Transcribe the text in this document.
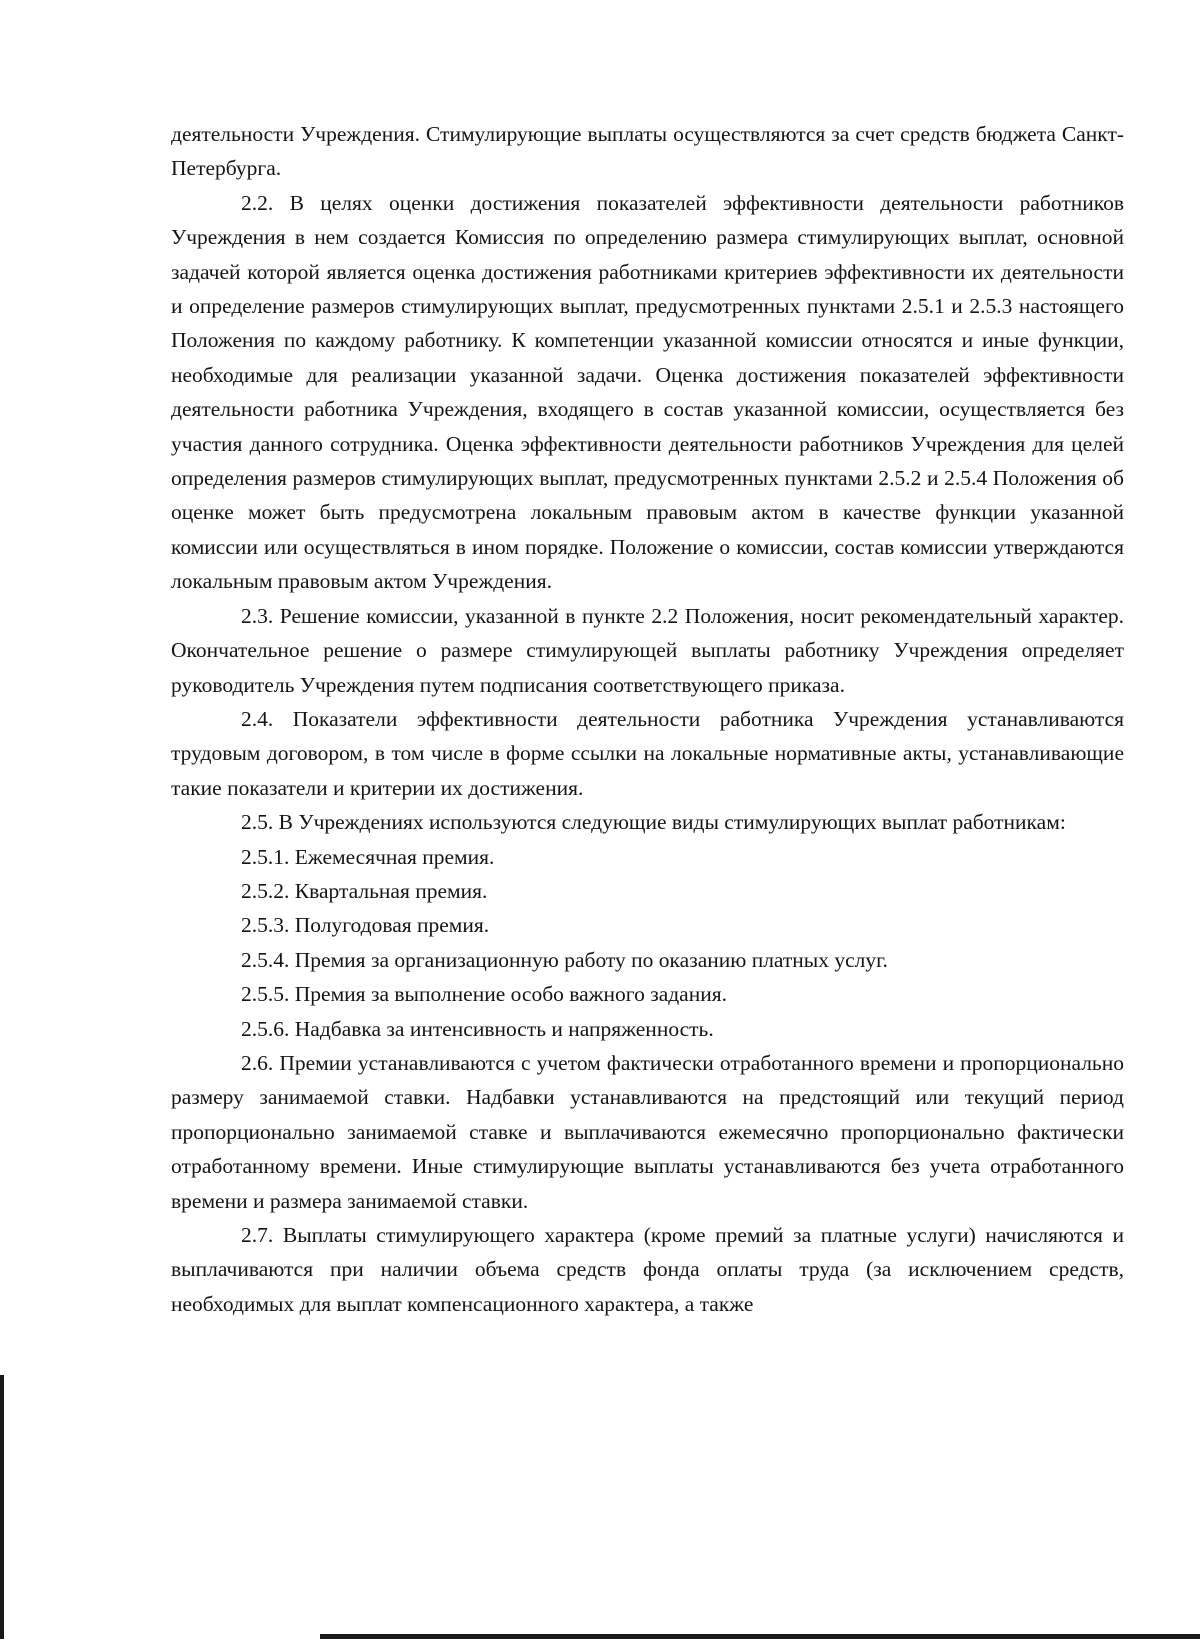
деятельности Учреждения. Стимулирующие выплаты осуществляются за счет средств бюджета Санкт-Петербурга.

2.2. В целях оценки достижения показателей эффективности деятельности работников Учреждения в нем создается Комиссия по определению размера стимулирующих выплат, основной задачей которой является оценка достижения работниками критериев эффективности их деятельности и определение размеров стимулирующих выплат, предусмотренных пунктами 2.5.1 и 2.5.3 настоящего Положения по каждому работнику. К компетенции указанной комиссии относятся и иные функции, необходимые для реализации указанной задачи. Оценка достижения показателей эффективности деятельности работника Учреждения, входящего в состав указанной комиссии, осуществляется без участия данного сотрудника. Оценка эффективности деятельности работников Учреждения для целей определения размеров стимулирующих выплат, предусмотренных пунктами 2.5.2 и 2.5.4 Положения об оценке может быть предусмотрена локальным правовым актом в качестве функции указанной комиссии или осуществляться в ином порядке. Положение о комиссии, состав комиссии утверждаются локальным правовым актом Учреждения.

2.3. Решение комиссии, указанной в пункте 2.2 Положения, носит рекомендательный характер. Окончательное решение о размере стимулирующей выплаты работнику Учреждения определяет руководитель Учреждения путем подписания соответствующего приказа.

2.4. Показатели эффективности деятельности работника Учреждения устанавливаются трудовым договором, в том числе в форме ссылки на локальные нормативные акты, устанавливающие такие показатели и критерии их достижения.

2.5. В Учреждениях используются следующие виды стимулирующих выплат работникам:

2.5.1. Ежемесячная премия.

2.5.2. Квартальная премия.

2.5.3. Полугодовая премия.

2.5.4. Премия за организационную работу по оказанию платных услуг.

2.5.5. Премия за выполнение особо важного задания.

2.5.6. Надбавка за интенсивность и напряженность.

2.6. Премии устанавливаются с учетом фактически отработанного времени и пропорционально размеру занимаемой ставки. Надбавки устанавливаются на предстоящий или текущий период пропорционально занимаемой ставке и выплачиваются ежемесячно пропорционально фактически отработанному времени. Иные стимулирующие выплаты устанавливаются без учета отработанного времени и размера занимаемой ставки.

2.7. Выплаты стимулирующего характера (кроме премий за платные услуги) начисляются и выплачиваются при наличии объема средств фонда оплаты труда (за исключением средств, необходимых для выплат компенсационного характера, а также
